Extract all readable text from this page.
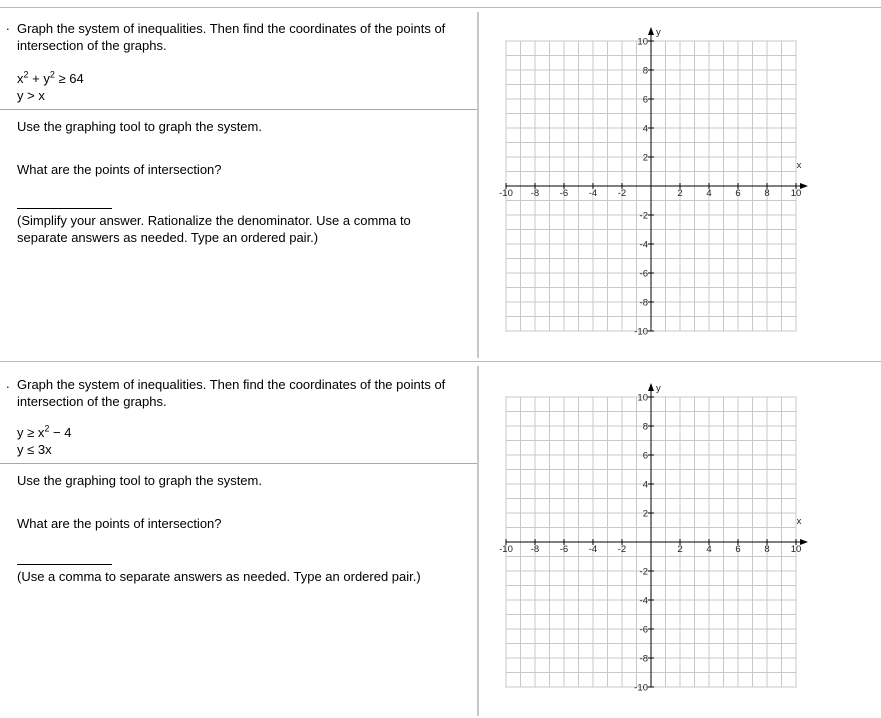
. Graph the system of inequalities. Then find the coordinates of the points of intersection of the graphs.
$x^2 + y^2 \ge 64$
y > x
Use the graphing tool to graph the system.
What are the points of intersection?
(Simplify your answer. Rationalize the denominator. Use a comma to separate answers as needed. Type an ordered pair.)
. Graph the system of inequalities. Then find the coordinates of the points of intersection of the graphs.
$y \ge x^2 - 4$
y ≤ 3x
Use the graphing tool to graph the system.
What are the points of intersection?
(Use a comma to separate answers as needed. Type an ordered pair.)
x
y
-10
-10
-8
-8
-6
-6
-4
-4
-2
-2
2
2
4
4
6
6
8
8
10
10
x
y
-10
-10
-8
-8
-6
-6
-4
-4
-2
-2
2
2
4
4
6
6
8
8
10
10
